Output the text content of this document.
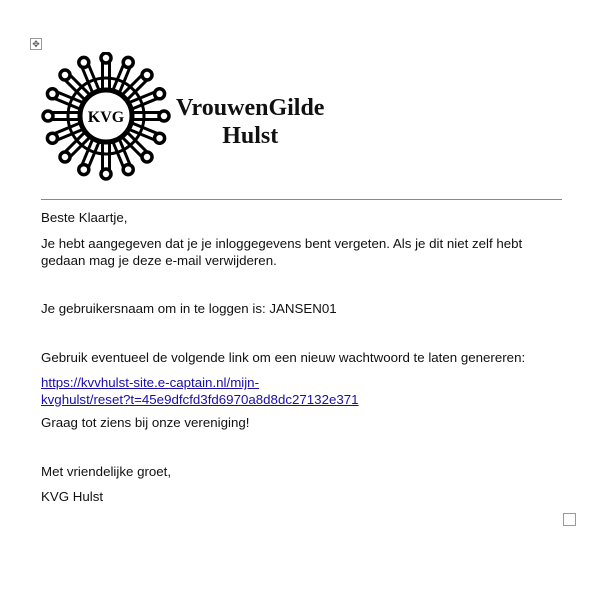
✥
KVG VrouwenGilde
Hulst
Beste Klaartje,
Je hebt aangegeven dat je je inloggegevens bent vergeten. Als je dit niet zelf hebt
gedaan mag je deze e-mail verwijderen.
Je gebruikersnaam om in te loggen is: JANSEN01
Gebruik eventueel de volgende link om een nieuw wachtwoord te laten genereren:
https://kvvhulst-site.e-captain.nl/mijn-
kvghulst/reset?t=45e9dfcfd3fd6970a8d8dc27132e371
Graag tot ziens bij onze vereniging!
Met vriendelijke groet,
KVG Hulst
